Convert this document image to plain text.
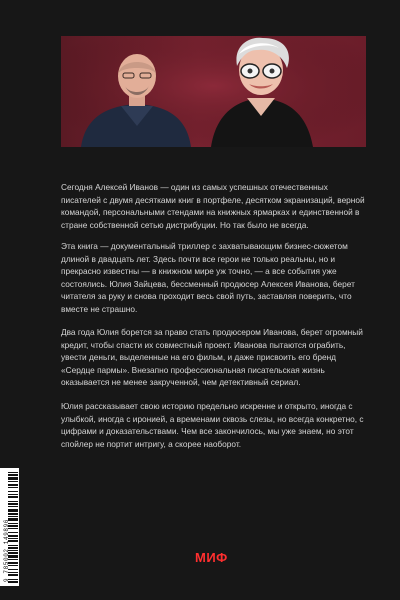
Сегодня Алексей Иванов — один из самых успешных отечественных писателей с двумя десятками книг в портфеле, десятком экранизаций, верной командой, персональными стендами на книжных ярмарках и единственной в стране собственной сетью дистрибуции. Но так было не всегда.

Эта книга — документальный триллер с захватывающим бизнес-сюжетом длиной в двадцать лет. Здесь почти все герои не только реальны, но и прекрасно известны — в книжном мире уж точно, — а все события уже состоялись. Юлия Зайцева, бессменный продюсер Алексея Иванова, берет читателя за руку и снова проходит весь свой путь, заставляя поверить, что вместе не страшно.

Два года Юлия борется за право стать продюсером Иванова, берет огромный кредит, чтобы спасти их совместный проект. Иванова пытаются ограбить, увести деньги, выделенные на его фильм, и даже присвоить его бренд «Сердце пармы». Внезапно профессиональная писательская жизнь оказывается не менее закрученной, чем детективный сериал.

Юлия рассказывает свою историю предельно искренне и открыто, иногда с улыбкой, иногда с иронией, а временами сквозь слезы, но всегда конкретно, с цифрами и доказательствами. Чем все закончилось, мы уже знаем, но этот спойлер не портит интригу, а скорее наоборот.

9 785002 149896	МИФ
